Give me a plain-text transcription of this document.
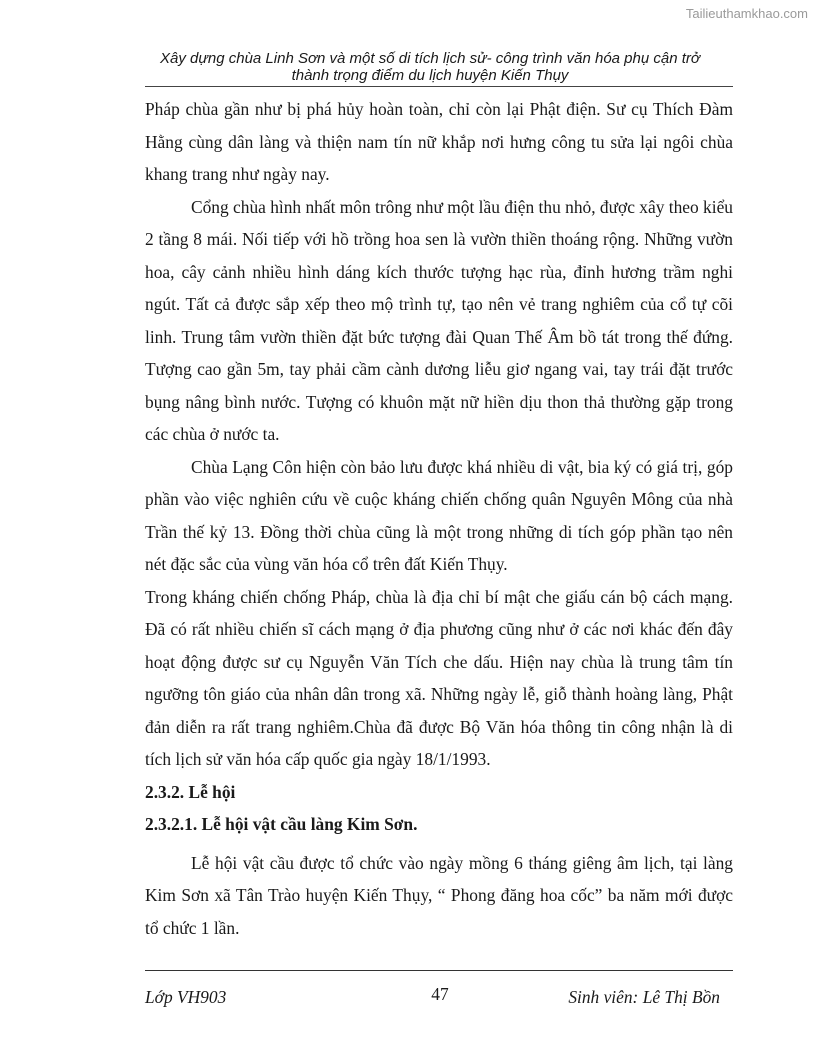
Tailieuthamkhao.com
Xây dựng chùa Linh Sơn và một số di tích lịch sử- công trình văn hóa phụ cận trở
thành trọng điểm du lịch huyện Kiến Thụy

Pháp chùa gần như bị phá hủy hoàn toàn, chỉ còn lại Phật điện. Sư cụ Thích Đàm Hằng cùng dân làng và thiện nam tín nữ khắp nơi hưng công tu sửa lại ngôi chùa khang trang như ngày nay.

Cổng chùa hình nhất môn trông như một lầu điện thu nhỏ, được xây theo kiểu 2 tầng 8 mái. Nối tiếp với hồ trồng hoa sen là vườn thiền thoáng rộng. Những vườn hoa, cây cảnh nhiều hình dáng kích thước tượng hạc rùa, đỉnh hương trầm nghi ngút. Tất cả được sắp xếp theo mộ trình tự, tạo nên vẻ trang nghiêm của cổ tự cõi linh. Trung tâm vườn thiền đặt bức tượng đài Quan Thế Âm bồ tát trong thế đứng. Tượng cao gần 5m, tay phải cầm cành dương liễu giơ ngang vai, tay trái đặt trước bụng nâng bình nước. Tượng có khuôn mặt nữ hiền dịu thon thả thường gặp trong các chùa ở nước ta.

Chùa Lạng Côn hiện còn bảo lưu được khá nhiều di vật, bia ký có giá trị, góp phần vào việc nghiên cứu về cuộc kháng chiến chống quân Nguyên Mông của nhà Trần thế kỷ 13. Đồng thời chùa cũng là một trong những di tích góp phần tạo nên nét đặc sắc của vùng văn hóa cổ trên đất Kiến Thụy.

Trong kháng chiến chống Pháp, chùa là địa chỉ bí mật che giấu cán bộ cách mạng. Đã có rất nhiều chiến sĩ cách mạng ở địa phương cũng như ở các nơi khác đến đây hoạt động được sư cụ Nguyễn Văn Tích che dấu. Hiện nay chùa là trung tâm tín ngưỡng tôn giáo của nhân dân trong xã. Những ngày lễ, giỗ thành hoàng làng, Phật đản diễn ra rất trang nghiêm.Chùa đã được Bộ Văn hóa thông tin công nhận là di tích lịch sử văn hóa cấp quốc gia ngày 18/1/1993.

2.3.2. Lễ hội
2.3.2.1. Lễ hội vật cầu làng Kim Sơn.

Lễ hội vật cầu được tổ chức vào ngày mồng 6 tháng giêng âm lịch, tại làng Kim Sơn xã Tân Trào huyện Kiến Thụy, “ Phong đăng hoa cốc” ba năm mới được tổ chức 1 lần.

Lớp VH903	47	Sinh viên: Lê Thị Bồn
